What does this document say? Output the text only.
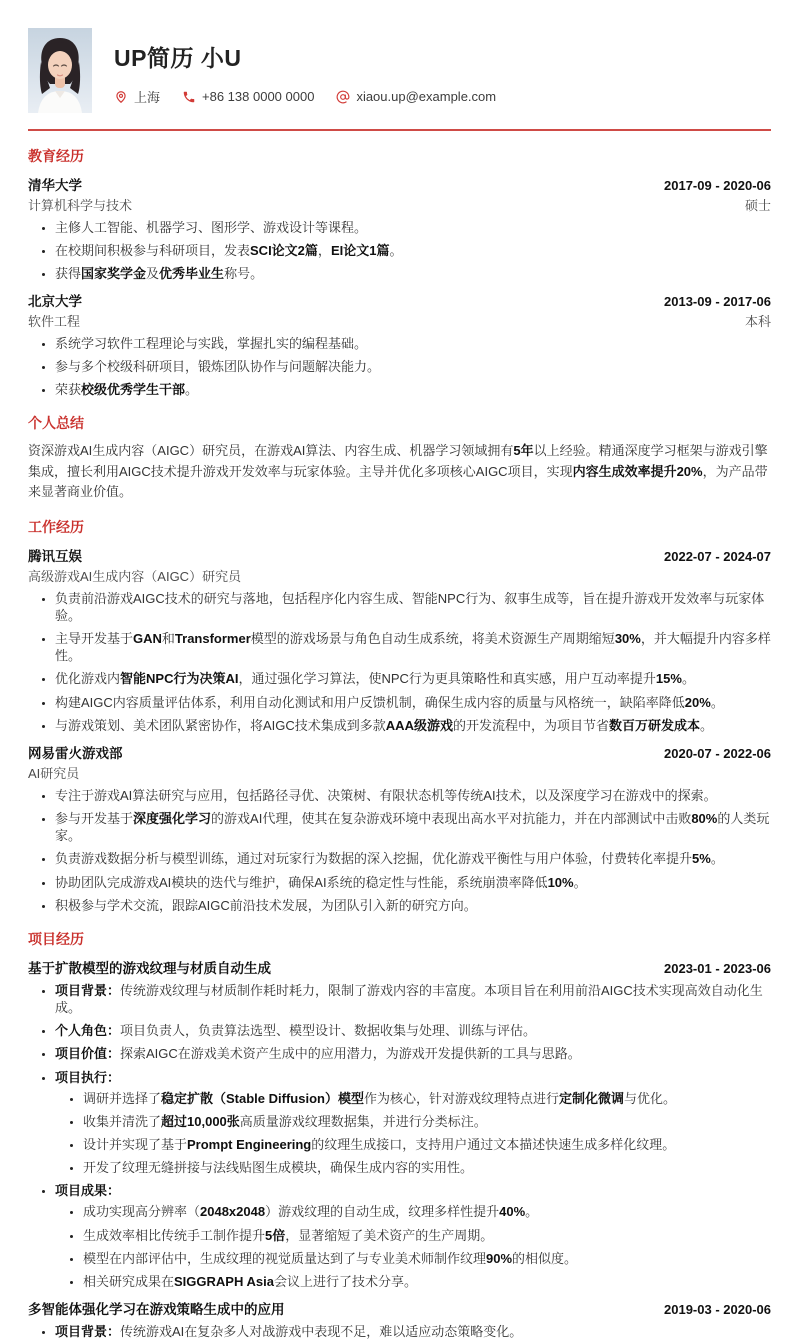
UP简历 小U
上海	+86 138 0000 0000	xiaou.up@example.com
教育经历
清华大学	2017-09 - 2020-06
计算机科学与技术	硕士
• 主修人工智能、机器学习、图形学、游戏设计等课程。
• 在校期间积极参与科研项目，发表SCI论文2篇，EI论文1篇。
• 获得国家奖学金及优秀毕业生称号。
北京大学	2013-09 - 2017-06
软件工程	本科
• 系统学习软件工程理论与实践，掌握扎实的编程基础。
• 参与多个校级科研项目，锻炼团队协作与问题解决能力。
• 荣获校级优秀学生干部。
个人总结

资深游戏AI生成内容（AIGC）研究员，在游戏AI算法、内容生成、机器学习领域拥有5年以上经验。精通深度学习框架与游戏引擎集成，擅长利用AIGC技术提升游戏开发效率与玩家体验。主导并优化多项核心AIGC项目，实现内容生成效率提升20%，为产品带来显著商业价值。

工作经历
腾讯互娱	2022-07 - 2024-07
高级游戏AI生成内容（AIGC）研究员
• 负责前沿游戏AIGC技术的研究与落地，包括程序化内容生成、智能NPC行为、叙事生成等，旨在提升游戏开发效率与玩家体验。
• 主导开发基于GAN和Transformer模型的游戏场景与角色自动生成系统，将美术资源生产周期缩短30%，并大幅提升内容多样性。
• 优化游戏内智能NPC行为决策AI，通过强化学习算法，使NPC行为更具策略性和真实感，用户互动率提升15%。
• 构建AIGC内容质量评估体系，利用自动化测试和用户反馈机制，确保生成内容的质量与风格统一，缺陷率降低20%。
• 与游戏策划、美术团队紧密协作，将AIGC技术集成到多款AAA级游戏的开发流程中，为项目节省数百万研发成本。
网易雷火游戏部	2020-07 - 2022-06
AI研究员
• 专注于游戏AI算法研究与应用，包括路径寻优、决策树、有限状态机等传统AI技术，以及深度学习在游戏中的探索。
• 参与开发基于深度强化学习的游戏AI代理，使其在复杂游戏环境中表现出高水平对抗能力，并在内部测试中击败80%的人类玩家。
• 负责游戏数据分析与模型训练，通过对玩家行为数据的深入挖掘，优化游戏平衡性与用户体验，付费转化率提升5%。
• 协助团队完成游戏AI模块的迭代与维护，确保AI系统的稳定性与性能，系统崩溃率降低10%。
• 积极参与学术交流，跟踪AIGC前沿技术发展，为团队引入新的研究方向。
项目经历
基于扩散模型的游戏纹理与材质自动生成	2023-01 - 2023-06
• 项目背景：传统游戏纹理与材质制作耗时耗力，限制了游戏内容的丰富度。本项目旨在利用前沿AIGC技术实现高效自动化生成。
• 个人角色：项目负责人，负责算法选型、模型设计、数据收集与处理、训练与评估。
• 项目价值：探索AIGC在游戏美术资产生成中的应用潜力，为游戏开发提供新的工具与思路。
• 项目执行：
• 调研并选择了稳定扩散（Stable Diffusion）模型作为核心，针对游戏纹理特点进行定制化微调与优化。
• 收集并清洗了超过10,000张高质量游戏纹理数据集，并进行分类标注。
• 设计并实现了基于Prompt Engineering的纹理生成接口，支持用户通过文本描述快速生成多样化纹理。
• 开发了纹理无缝拼接与法线贴图生成模块，确保生成内容的实用性。
• 项目成果：
• 成功实现高分辨率（2048x2048）游戏纹理的自动生成，纹理多样性提升40%。
• 生成效率相比传统手工制作提升5倍，显著缩短了美术资产的生产周期。
• 模型在内部评估中，生成纹理的视觉质量达到了与专业美术师制作纹理90%的相似度。
• 相关研究成果在SIGGRAPH Asia会议上进行了技术分享。
多智能体强化学习在游戏策略生成中的应用	2019-03 - 2020-06
• 项目背景：传统游戏AI在复杂多人对战游戏中表现不足，难以适应动态策略变化。
